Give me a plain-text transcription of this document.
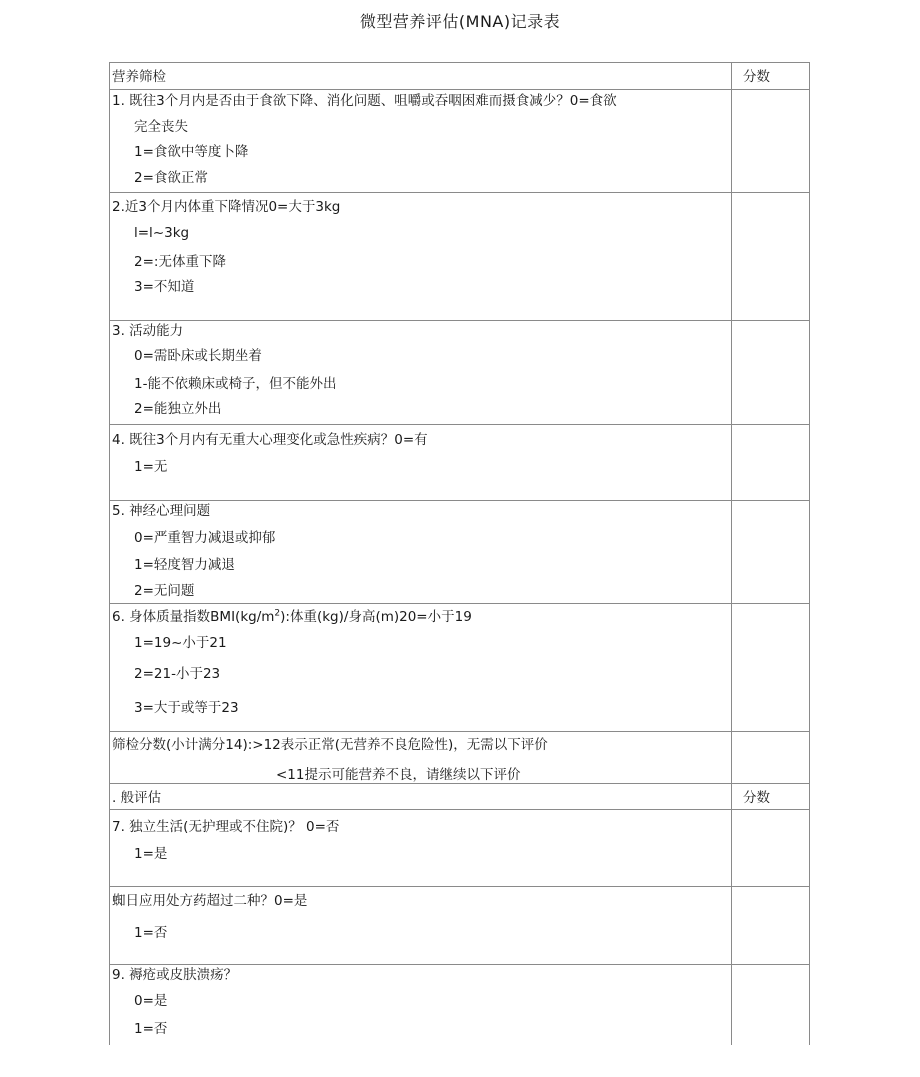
微型营养评估(MNA)记录表
营养筛检	分数
1. 既往3个月内是否由于食欲下降、消化问题、咀嚼或吞咽困难而摄食减少？0=食欲
完全丧失
1=食欲中等度卜降
2=食欲正常
2.近3个月内体重下降情况0=大于3kg
l=l~3kg
2=:无体重下降
3=不知道
3. 活动能力
0=需卧床或长期坐着
1-能不依赖床或椅子，但不能外出
2=能独立外出
4. 既往3个月内有无重大心理变化或急性疾病？0=有
1=无
5. 神经心理问题
0=严重智力减退或抑郁
1=轻度智力减退
2=无问题
6. 身体质量指数$BMI(kg/m^2)$:体重(kg)/身高(m)20=小于19
1=19~小于21
2=21-小于23
3=大于或等于23
筛检分数(小计满分14):>12表示正常(无营养不良危险性)，无需以下评价
<11提示可能营养不良，请继续以下评价
. 般评估	分数
7. 独立生活(无护理或不住院)？ 0=否
1=是
蜘日应用处方药超过二种？0=是
1=否
9. 褥疮或皮肤溃疡？
0=是
1=否
